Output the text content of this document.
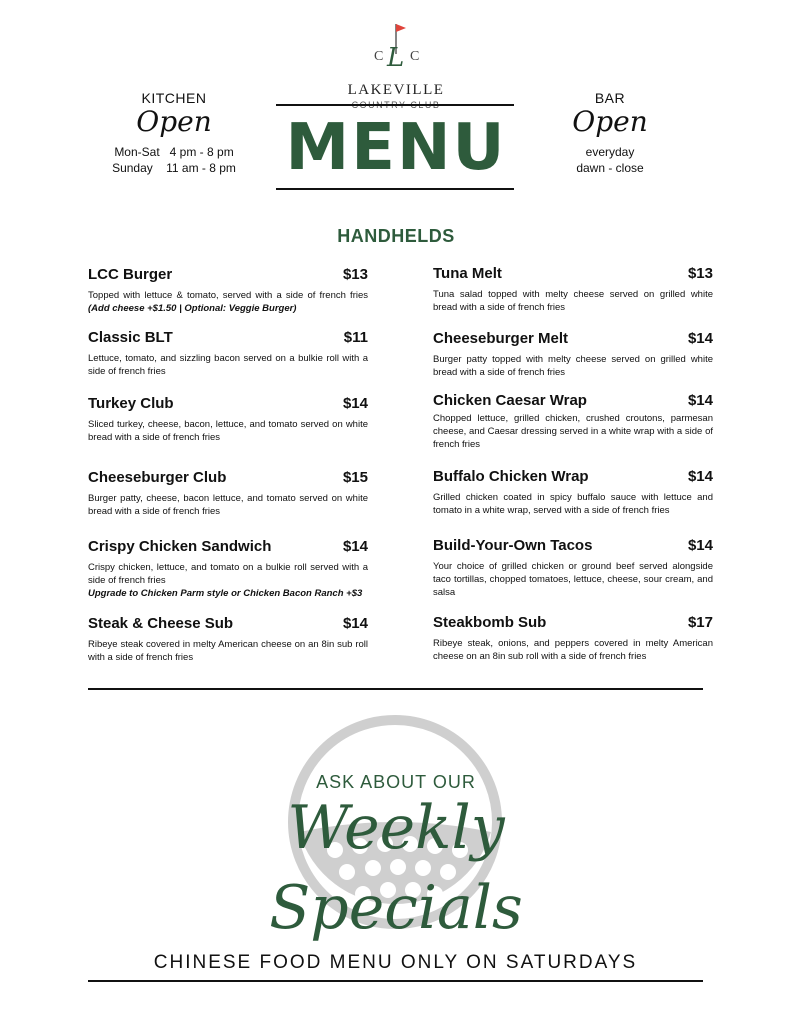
KITCHEN
Open
Mon-Sat   4 pm - 8 pm
Sunday    11 am - 8 pm
BAR
Open
everyday
dawn - close
C L C
LAKEVILLE
MENU
HANDHELDS
LCC Burger	$13
Topped with lettuce & tomato, served with a side of french fries (Add cheese +$1.50 | Optional: Veggie Burger)
Classic BLT	$11
Lettuce, tomato, and sizzling bacon served on a bulkie roll with a side of french fries
Turkey Club	$14
Sliced turkey, cheese, bacon, lettuce, and tomato served on white bread with a side of french fries
Cheeseburger Club	$15
Burger patty, cheese, bacon lettuce, and tomato served on white bread with a side of french fries
Crispy Chicken Sandwich	$14
Crispy chicken, lettuce, and tomato on a bulkie roll served with a side of french fries
Upgrade to Chicken Parm style or Chicken Bacon Ranch +$3
Steak & Cheese Sub	$14
Ribeye steak covered in melty American cheese on an 8in sub roll with a side of french fries
Tuna Melt	$13
Tuna salad topped with melty cheese served on grilled white bread with a side of french fries
Cheeseburger Melt	$14
Burger patty topped with melty cheese served on grilled white bread with a side of french fries
Chicken Caesar Wrap	$14
Chopped lettuce, grilled chicken, crushed croutons, parmesan cheese, and Caesar dressing served in a white wrap with a side of french fries
Buffalo Chicken Wrap	$14
Grilled chicken coated in spicy buffalo sauce with lettuce and tomato in a white wrap, served with a side of french fries
Build-Your-Own Tacos	$14
Your choice of grilled chicken or ground beef served alongside taco tortillas, chopped tomatoes, lettuce, cheese, sour cream, and salsa
Steakbomb Sub	$17
Ribeye steak, onions, and peppers covered in melty American cheese on an 8in sub roll with a side of french fries
ASK ABOUT OUR
Weekly Specials
CHINESE FOOD MENU ONLY ON SATURDAYS
